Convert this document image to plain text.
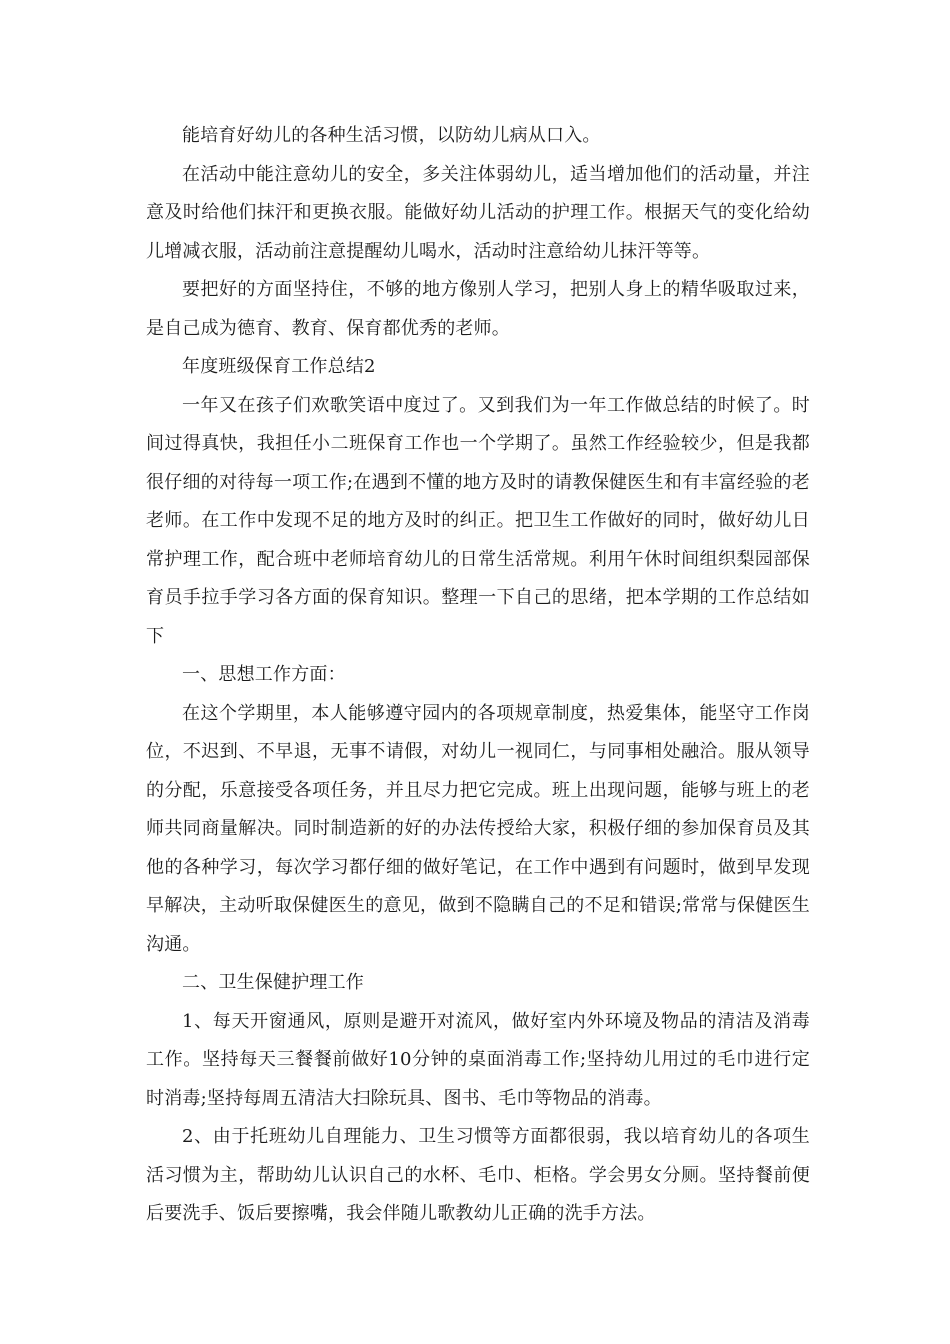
能培育好幼儿的各种生活习惯，以防幼儿病从口入。

在活动中能注意幼儿的安全，多关注体弱幼儿，适当增加他们的活动量，并注意及时给他们抹汗和更换衣服。能做好幼儿活动的护理工作。根据天气的变化给幼儿增减衣服，活动前注意提醒幼儿喝水，活动时注意给幼儿抹汗等等。

要把好的方面坚持住，不够的地方像别人学习，把别人身上的精华吸取过来，是自己成为德育、教育、保育都优秀的老师。

年度班级保育工作总结2

一年又在孩子们欢歌笑语中度过了。又到我们为一年工作做总结的时候了。时间过得真快，我担任小二班保育工作也一个学期了。虽然工作经验较少，但是我都很仔细的对待每一项工作;在遇到不懂的地方及时的请教保健医生和有丰富经验的老老师。在工作中发现不足的地方及时的纠正。把卫生工作做好的同时，做好幼儿日常护理工作，配合班中老师培育幼儿的日常生活常规。利用午休时间组织梨园部保育员手拉手学习各方面的保育知识。整理一下自己的思绪，把本学期的工作总结如下

一、思想工作方面：

在这个学期里，本人能够遵守园内的各项规章制度，热爱集体，能坚守工作岗位，不迟到、不早退，无事不请假，对幼儿一视同仁，与同事相处融洽。服从领导的分配，乐意接受各项任务，并且尽力把它完成。班上出现问题，能够与班上的老师共同商量解决。同时制造新的好的办法传授给大家，积极仔细的参加保育员及其他的各种学习，每次学习都仔细的做好笔记，在工作中遇到有问题时，做到早发现早解决，主动听取保健医生的意见，做到不隐瞒自己的不足和错误;常常与保健医生沟通。

二、卫生保健护理工作

1、每天开窗通风，原则是避开对流风，做好室内外环境及物品的清洁及消毒工作。坚持每天三餐餐前做好10分钟的桌面消毒工作;坚持幼儿用过的毛巾进行定时消毒;坚持每周五清洁大扫除玩具、图书、毛巾等物品的消毒。

2、由于托班幼儿自理能力、卫生习惯等方面都很弱，我以培育幼儿的各项生活习惯为主，帮助幼儿认识自己的水杯、毛巾、柜格。学会男女分厕。坚持餐前便后要洗手、饭后要擦嘴，我会伴随儿歌教幼儿正确的洗手方法。
